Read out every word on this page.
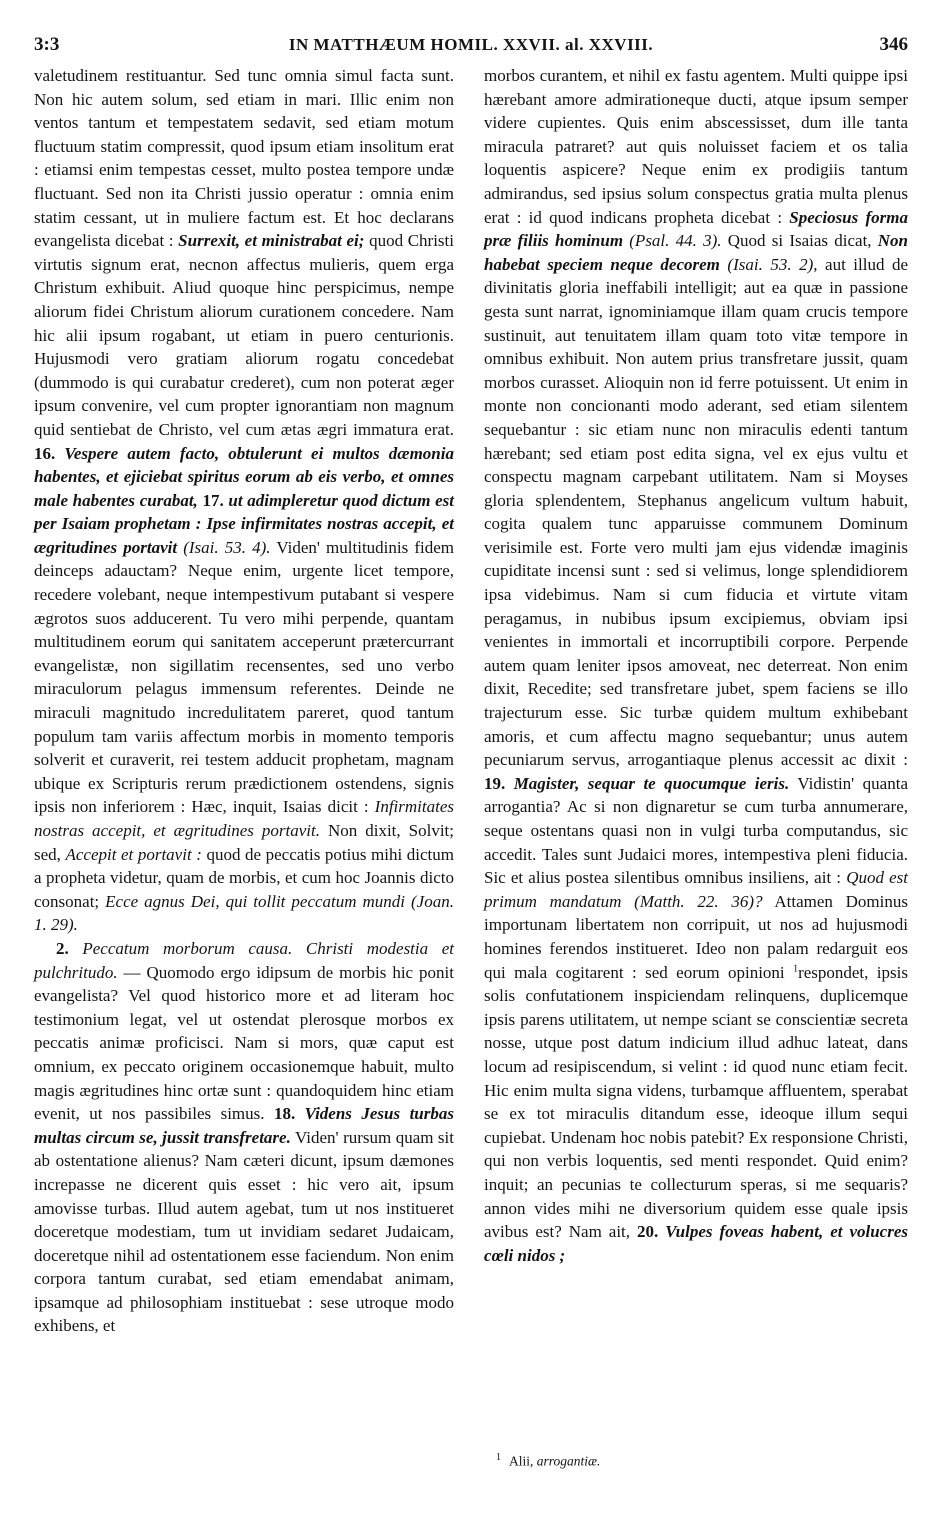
3:3	IN MATTHÆUM HOMIL. XXVII. al. XXVIII.	346

valetudinem restituantur. Sed tunc omnia simul facta sunt. Non hic autem solum, sed etiam in mari. Illic enim non ventos tantum et tempestatem sedavit, sed etiam motum fluctuum statim compressit, quod ipsum etiam insolitum erat : etiamsi enim tempestas cesset, multo postea tempore undæ fluctuant. Sed non ita Christi jussio operatur : omnia enim statim cessant, ut in muliere factum est. Et hoc declarans evangelista dicebat : Surrexit, et ministrabat ei; quod Christi virtutis signum erat, necnon affectus mulieris, quem erga Christum exhibuit. Aliud quoque hinc perspicimus, nempe aliorum fidei Christum aliorum curationem concedere. Nam hic alii ipsum rogabant, ut etiam in puero centurionis. Hujusmodi vero gratiam aliorum rogatu concedebat (dummodo is qui curabatur crederet), cum non poterat æger ipsum convenire, vel cum propter ignorantiam non magnum quid sentiebat de Christo, vel cum ætas ægri immatura erat. 16. Vespere autem facto, obtulerunt ei multos dæmonia habentes, et ejiciebat spiritus eorum ab eis verbo, et omnes male habentes curabat, 17. ut adimpleretur quod dictum est per Isaiam prophetam : Ipse infirmitates nostras accepit, et ægritudines portavit (Isai. 53. 4). Viden' multitudinis fidem deinceps adauctam? Neque enim, urgente licet tempore, recedere volebant, neque intempestivum putabant si vespere ægrotos suos adducerent. Tu vero mihi perpende, quantam multitudinem eorum qui sanitatem acceperunt prætercurrant evangelistæ, non sigillatim recensentes, sed uno verbo miraculorum pelagus immensum referentes. Deinde ne miraculi magnitudo incredulitatem pareret, quod tantum populum tam variis affectum morbis in momento temporis solverit et curaverit, rei testem adducit prophetam, magnam ubique ex Scripturis rerum prædictionem ostendens, signis ipsis non inferiorem : Hæc, inquit, Isaias dicit : Infirmitates nostras accepit, et ægritudines portavit. Non dixit, Solvit; sed, Accepit et portavit : quod de peccatis potius mihi dictum a propheta videtur, quam de morbis, et cum hoc Joannis dicto consonat; Ecce agnus Dei, qui tollit peccatum mundi (Joan. 1. 29).

2. Peccatum morborum causa. Christi modestia et pulchritudo. — Quomodo ergo idipsum de morbis hic ponit evangelista? Vel quod historico more et ad literam hoc testimonium legat, vel ut ostendat plerosque morbos ex peccatis animæ proficisci. Nam si mors, quæ caput est omnium, ex peccato originem occasionemque habuit, multo magis ægritudines hinc ortæ sunt : quandoquidem hinc etiam evenit, ut nos passibiles simus. 18. Videns Jesus turbas multas circum se, jussit transfretare. Viden' rursum quam sit ab ostentatione alienus? Nam cæteri dicunt, ipsum dæmones increpasse ne dicerent quis esset : hic vero ait, ipsum amovisse turbas. Illud autem agebat, tum ut nos institueret doceretque modestiam, tum ut invidiam sedaret Judaicam, doceretque nihil ad ostentationem esse faciendum. Non enim corpora tantum curabat, sed etiam emendabat animam, ipsamque ad philosophiam instituebat : sese utroque modo exhibens, et

morbos curantem, et nihil ex fastu agentem. Multi quippe ipsi hærebant amore admirationeque ducti, atque ipsum semper videre cupientes. Quis enim abscessisset, dum ille tanta miracula patraret? aut quis noluisset faciem et os talia loquentis aspicere? Neque enim ex prodigiis tantum admirandus, sed ipsius solum conspectus gratia multa plenus erat : id quod indicans propheta dicebat : Speciosus forma præ filiis hominum (Psal. 44. 3). Quod si Isaias dicat, Non habebat speciem neque decorem (Isai. 53. 2), aut illud de divinitatis gloria ineffabili intelligit; aut ea quæ in passione gesta sunt narrat, ignominiamque illam quam crucis tempore sustinuit, aut tenuitatem illam quam toto vitæ tempore in omnibus exhibuit. Non autem prius transfretare jussit, quam morbos curasset. Alioquin non id ferre potuissent. Ut enim in monte non concionanti modo aderant, sed etiam silentem sequebantur : sic etiam nunc non miraculis edenti tantum hærebant; sed etiam post edita signa, vel ex ejus vultu et conspectu magnam carpebant utilitatem. Nam si Moyses gloria splendentem, Stephanus angelicum vultum habuit, cogita qualem tunc apparuisse communem Dominum verisimile est. Forte vero multi jam ejus videndæ imaginis cupiditate incensi sunt : sed si velimus, longe splendidiorem ipsa videbimus. Nam si cum fiducia et virtute vitam peragamus, in nubibus ipsum excipiemus, obviam ipsi venientes in immortali et incorruptibili corpore. Perpende autem quam leniter ipsos amoveat, nec deterreat. Non enim dixit, Recedite; sed transfretare jubet, spem faciens se illo trajecturum esse. Sic turbæ quidem multum exhibebant amoris, et cum affectu magno sequebantur; unus autem pecuniarum servus, arrogantiaque plenus accessit ac dixit : 19. Magister, sequar te quocumque ieris. Vidistin' quanta arrogantia? Ac si non dignaretur se cum turba annumerare, seque ostentans quasi non in vulgi turba computandus, sic accedit. Tales sunt Judaici mores, intempestiva pleni fiducia. Sic et alius postea silentibus omnibus insiliens, ait : Quod est primum mandatum (Matth. 22. 36)? Attamen Dominus importunam libertatem non corripuit, ut nos ad hujusmodi homines ferendos institueret. Ideo non palam redarguit eos qui mala cogitarent : sed eorum opinioni $^1$respondet, ipsis solis confutationem inspiciendam relinquens, duplicemque ipsis parens utilitatem, ut nempe sciant se conscientiæ secreta nosse, utque post datum indicium illud adhuc lateat, dans locum ad resipiscendum, si velint : id quod nunc etiam fecit. Hic enim multa signa videns, turbamque affluentem, sperabat se ex tot miraculis ditandum esse, ideoque illum sequi cupiebat. Undenam hoc nobis patebit? Ex responsione Christi, qui non verbis loquentis, sed menti respondet. Quid enim? inquit; an pecunias te collecturum speras, si me sequaris? annon vides mihi ne diversorium quidem esse quale ipsis avibus est? Nam ait, 20. Vulpes foveas habent, et volucres cœli nidos ;

$^1$ Alii, arrogantiæ.
